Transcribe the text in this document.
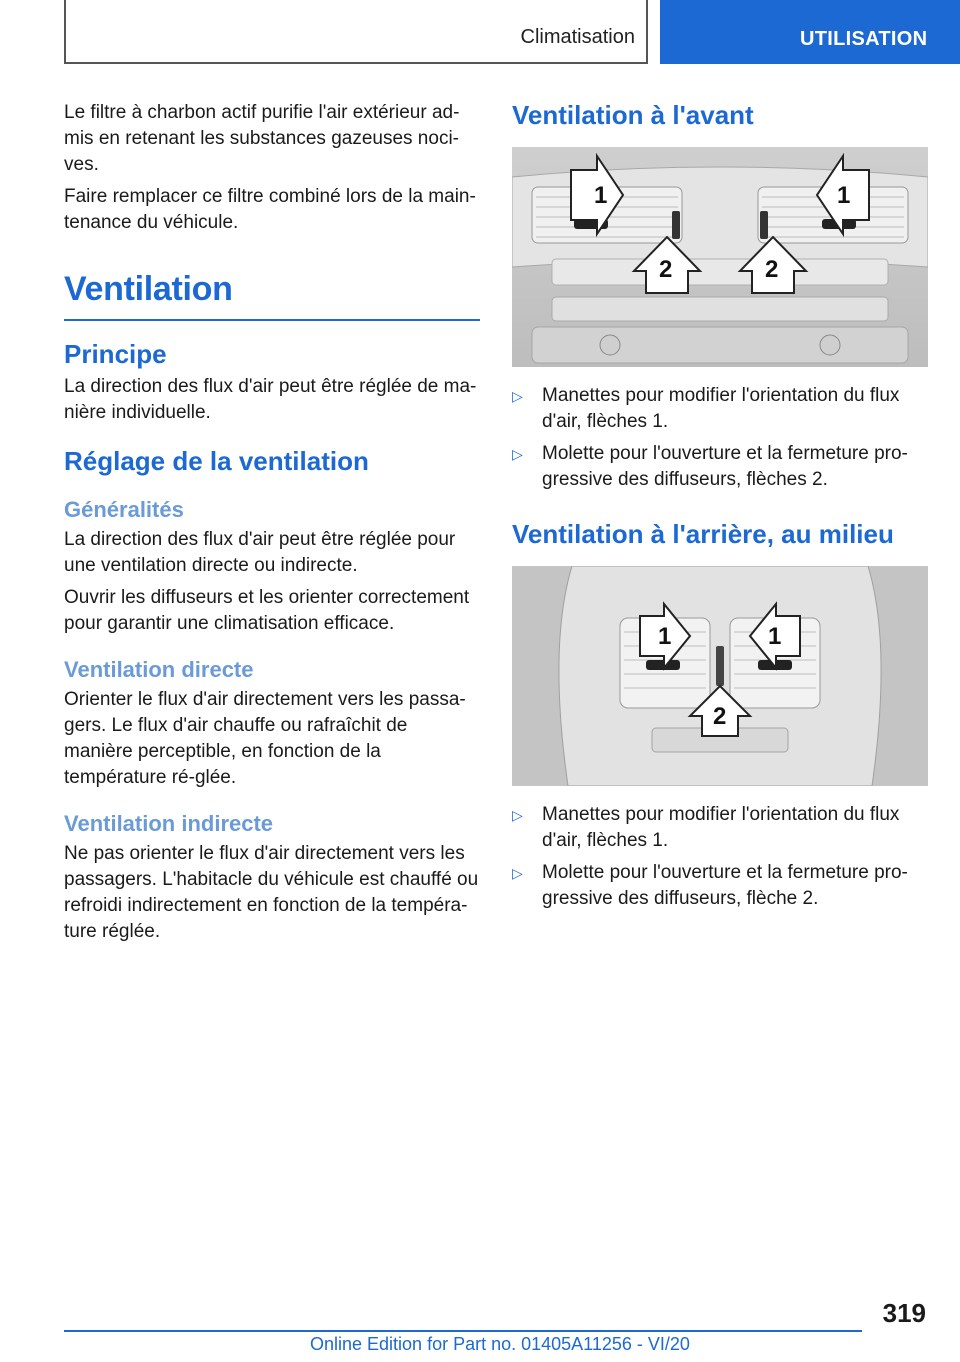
Climatisation	UTILISATION

Le filtre à charbon actif purifie l'air extérieur ad-mis en retenant les substances gazeuses noci-ves.

Faire remplacer ce filtre combiné lors de la main-tenance du véhicule.

Ventilation
Principe

La direction des flux d'air peut être réglée de ma-nière individuelle.

Réglage de la ventilation
Généralités

La direction des flux d'air peut être réglée pour une ventilation directe ou indirecte.

Ouvrir les diffuseurs et les orienter correctement pour garantir une climatisation efficace.

Ventilation directe

Orienter le flux d'air directement vers les passa-gers. Le flux d'air chauffe ou rafraîchit de manière perceptible, en fonction de la température ré-glée.

Ventilation indirecte

Ne pas orienter le flux d'air directement vers les passagers. L'habitacle du véhicule est chauffé ou refroidi indirectement en fonction de la tempéra-ture réglée.

Ventilation à l'avant
1	1
2	2
▷ Manettes pour modifier l'orientation du flux d'air, flèches 1.
▷ Molette pour l'ouverture et la fermeture pro-gressive des diffuseurs, flèches 2.
Ventilation à l'arrière, au milieu
1	1
2
▷ Manettes pour modifier l'orientation du flux d'air, flèches 1.
▷ Molette pour l'ouverture et la fermeture pro-gressive des diffuseurs, flèche 2.
319
Online Edition for Part no. 01405A11256 - VI/20
